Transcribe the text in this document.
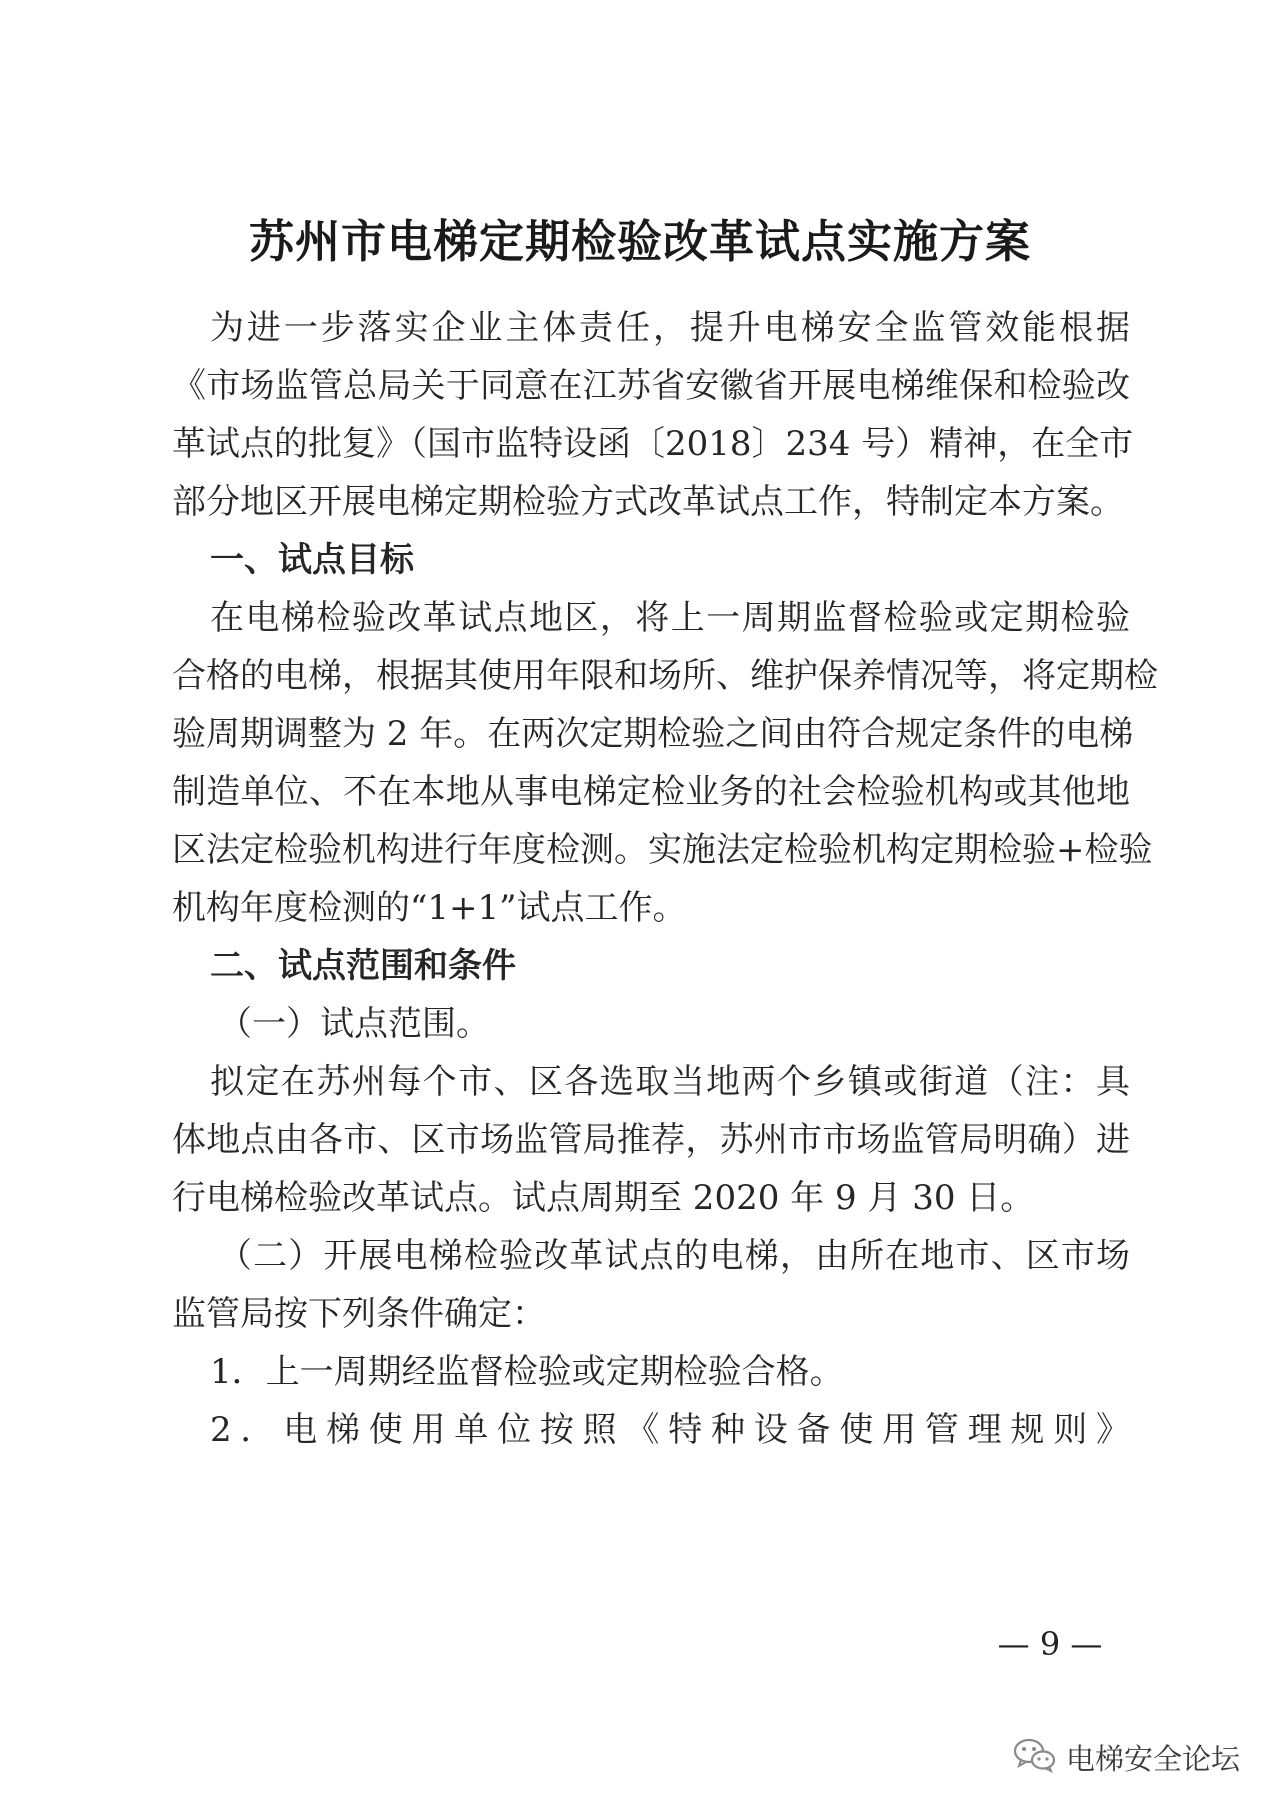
苏州市电梯定期检验改革试点实施方案
为进一步落实企业主体责任，提升电梯安全监管效能根据
《市场监管总局关于同意在江苏省安徽省开展电梯维保和检验改
革试点的批复》（国市监特设函〔2018〕234 号）精神，在全市
部分地区开展电梯定期检验方式改革试点工作，特制定本方案。
一、试点目标
在电梯检验改革试点地区，将上一周期监督检验或定期检验
合格的电梯，根据其使用年限和场所、维护保养情况等，将定期检
验周期调整为 2 年。在两次定期检验之间由符合规定条件的电梯
制造单位、不在本地从事电梯定检业务的社会检验机构或其他地
区法定检验机构进行年度检测。实施法定检验机构定期检验+检验
机构年度检测的“1+1”试点工作。
二、试点范围和条件
（一）试点范围。
拟定在苏州每个市、区各选取当地两个乡镇或街道（注：具
体地点由各市、区市场监管局推荐，苏州市市场监管局明确）进
行电梯检验改革试点。试点周期至 2020 年 9 月 30 日。
（二）开展电梯检验改革试点的电梯，由所在地市、区市场
监管局按下列条件确定：
1．上一周期经监督检验或定期检验合格。
2．电梯使用单位按照《特种设备使用管理规则》
— 9 —
电梯安全论坛
